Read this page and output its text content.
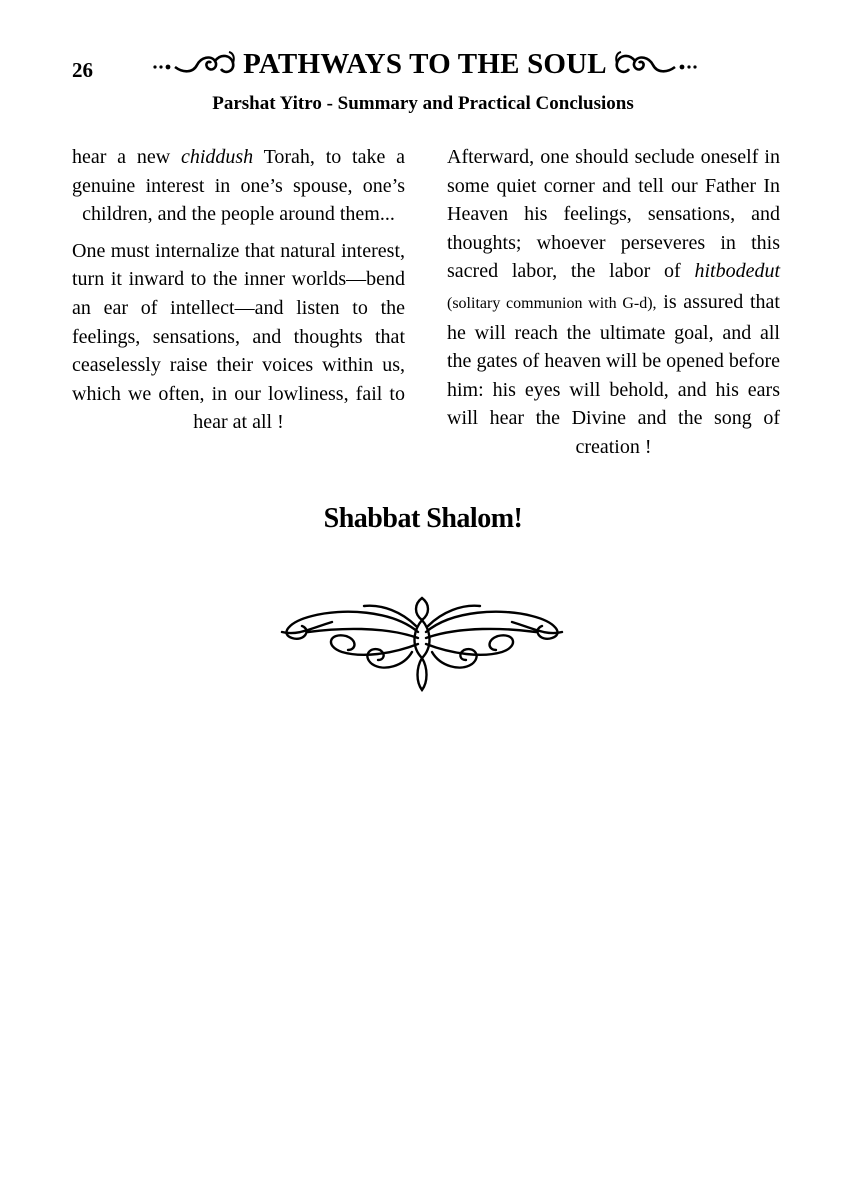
26	PATHWAYS TO THE SOUL
Parshat Yitro - Summary and Practical Conclusions

hear a new chiddush Torah, to take a genuine interest in one’s spouse, one’s children, and the people around them...

One must internalize that natural interest, turn it inward to the inner worlds—bend an ear of intellect—and listen to the feelings, sensations, and thoughts that ceaselessly raise their voices within us, which we often, in our lowliness, fail to hear at all !

Afterward, one should seclude oneself in some quiet corner and tell our Father In Heaven his feelings, sensations, and thoughts; whoever perseveres in this sacred labor, the labor of hitbodedut (solitary communion with G-d), is assured that he will reach the ultimate goal, and all the gates of heaven will be opened before him: his eyes will behold, and his ears will hear the Divine and the song of creation !

Shabbat Shalom!
